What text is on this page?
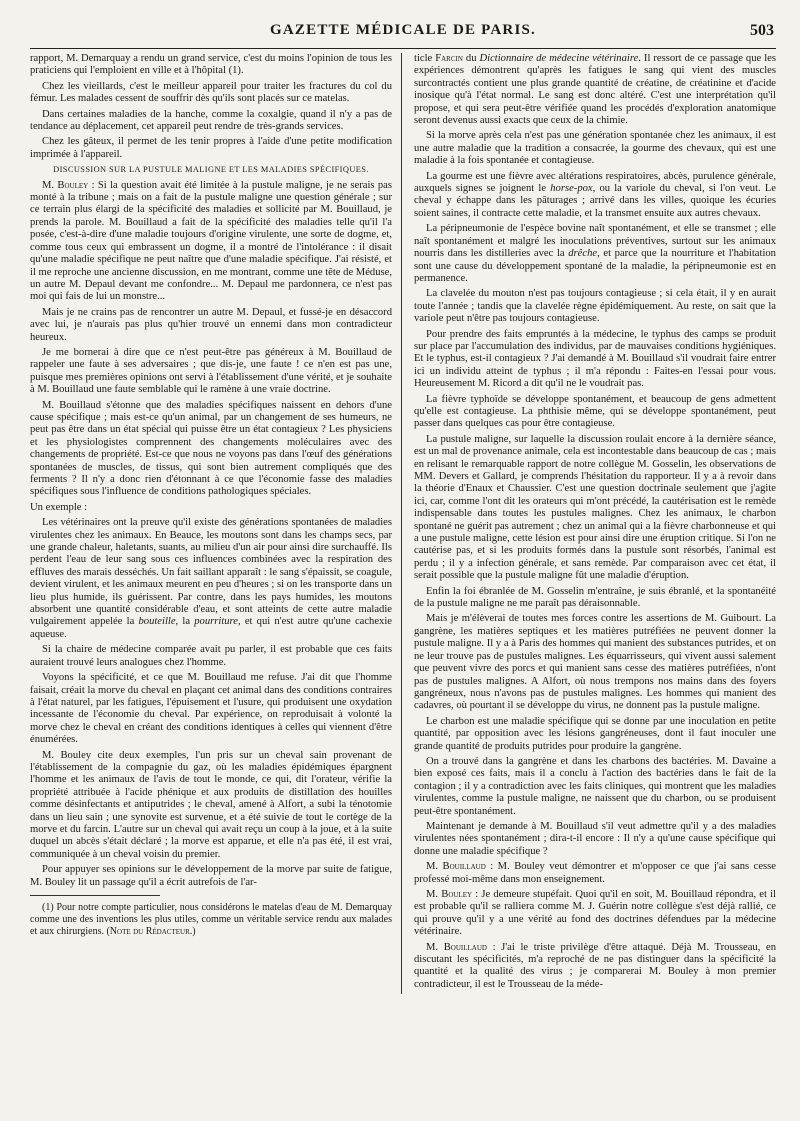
GAZETTE MÉDICALE DE PARIS.	503

rapport, M. Demarquay a rendu un grand service, c'est du moins l'opinion de tous les praticiens qui l'emploient en ville et à l'hôpital (1).

Chez les vieillards, c'est le meilleur appareil pour traiter les fractures du col du fémur. Les malades cessent de souffrir dès qu'ils sont placés sur ce matelas.

Dans certaines maladies de la hanche, comme la coxalgie, quand il n'y a pas de tendance au déplacement, cet appareil peut rendre de très-grands services.

Chez les gâteux, il permet de les tenir propres à l'aide d'une petite modification imprimée à l'appareil.

DISCUSSION SUR LA PUSTULE MALIGNE ET LES MALADIES SPÉCIFIQUES.

M. Bouley : Si la question avait été limitée à la pustule maligne, je ne serais pas monté à la tribune ; mais on a fait de la pustule maligne une question générale ; sur ce terrain plus élargi de la spécificité des maladies et sollicité par M. Bouillaud, je prends la parole. M. Bouillaud a fait de la spécificité des maladies telle qu'il l'a posée, c'est-à-dire d'une maladie toujours d'origine virulente, une sorte de dogme, et, comme tous ceux qui embrassent un dogme, il a montré de l'intolérance : il disait qu'une maladie spécifique ne peut naître que d'une maladie spécifique. J'ai résisté, et il me reproche une ancienne discussion, en me montrant, comme une tête de Méduse, un autre M. Depaul devant me confondre... M. Depaul me pardonnera, ce n'est pas moi qui fais de lui un monstre...

Mais je ne crains pas de rencontrer un autre M. Depaul, et fussé-je en désaccord avec lui, je n'aurais pas plus qu'hier trouvé un ennemi dans mon contradicteur heureux.

Je me bornerai à dire que ce n'est peut-être pas généreux à M. Bouillaud de rappeler une faute à ses adversaires ; que dis-je, une faute ! ce n'en est pas une, puisque mes premières opinions ont servi à l'établissement d'une vérité, et je souhaite à M. Bouillaud une faute semblable qui le ramène à une vraie doctrine.

M. Bouillaud s'étonne que des maladies spécifiques naissent en dehors d'une cause spécifique ; mais est-ce qu'un animal, par un changement de ses humeurs, ne peut pas être dans un état spécial qui puisse être un état contagieux ? Les physiciens et les physiologistes comprennent des changements moléculaires avec des changements de propriété. Est-ce que nous ne voyons pas dans l'œuf des générations spontanées de muscles, de tissus, qui sont bien autrement compliqués que des ferments ? Il n'y a donc rien d'étonnant à ce que l'économie fasse des maladies spécifiques sous l'influence de conditions pathologiques spéciales.

Un exemple :

Les vétérinaires ont la preuve qu'il existe des générations spontanées de maladies virulentes chez les animaux. En Beauce, les moutons sont dans les champs secs, par une grande chaleur, haletants, suants, au milieu d'un air pour ainsi dire surchauffé. Ils perdent l'eau de leur sang sous ces influences combinées avec la respiration des effluves des marais desséchés. Un fait saillant apparaît : le sang s'épaissit, se coagule, devient virulent, et les animaux meurent en peu d'heures ; si on les transporte dans un lieu plus humide, ils guérissent. Par contre, dans les pays humides, les moutons absorbent une quantité considérable d'eau, et sont atteints de cette autre maladie vulgairement appelée la bouteille, la pourriture, et qui n'est autre qu'une cachexie aqueuse.

Si la chaire de médecine comparée avait pu parler, il est probable que ces faits auraient trouvé leurs analogues chez l'homme.

Voyons la spécificité, et ce que M. Bouillaud me refuse. J'ai dit que l'homme faisait, créait la morve du cheval en plaçant cet animal dans des conditions contraires à l'état naturel, par les fatigues, l'épuisement et l'usure, qui produisent une oxydation incessante de l'économie du cheval. Par expérience, on reproduisait à volonté la morve chez le cheval en créant des conditions identiques à celles qui viennent d'être énumérées.

M. Bouley cite deux exemples, l'un pris sur un cheval sain provenant de l'établissement de la compagnie du gaz, où les maladies épidémiques épargnent l'homme et les animaux de l'avis de tout le monde, ce qui, dit l'orateur, vérifie la propriété attribuée à l'acide phénique et aux produits de distillation des houilles comme désinfectants et antiputrides ; le cheval, amené à Alfort, a subi la ténotomie dans un lieu sain ; une synovite est survenue, et a été suivie de tout le cortège de la morve et du farcin. L'autre sur un cheval qui avait reçu un coup à la joue, et à la suite duquel un abcès s'était déclaré ; la morve est apparue, et elle n'a pas été, il est vrai, communiquée à un cheval voisin du premier.

Pour appuyer ses opinions sur le développement de la morve par suite de fatigue, M. Bouley lit un passage qu'il a écrit autrefois de l'ar-

(1) Pour notre compte particulier, nous considérons le matelas d'eau de M. Demarquay comme une des inventions les plus utiles, comme un véritable service rendu aux malades et aux chirurgiens. (Note du Rédacteur.)

ticle Farcin du Dictionnaire de médecine vétérinaire. Il ressort de ce passage que les expériences démontrent qu'après les fatigues le sang qui vient des muscles surcontractés contient une plus grande quantité de créatine, de créatinine et d'acide inosique qu'à l'état normal. Le sang est donc altéré. C'est une interprétation qu'il propose, et qui sera peut-être vérifiée quand les procédés d'exploration anatomique seront devenus aussi exacts que ceux de la chimie.

Si la morve après cela n'est pas une génération spontanée chez les animaux, il est une autre maladie que la tradition a consacrée, la gourme des chevaux, qui est une maladie à la fois spontanée et contagieuse.

La gourme est une fièvre avec altérations respiratoires, abcès, purulence générale, auxquels signes se joignent le horse-pox, ou la variole du cheval, si l'on veut. Le cheval y échappe dans les pâturages ; arrivé dans les villes, quoique les écuries soient saines, il contracte cette maladie, et la transmet ensuite aux autres chevaux.

La péripneumonie de l'espèce bovine naît spontanément, et elle se transmet ; elle naît spontanément et malgré les inoculations préventives, surtout sur les animaux nourris dans les distilleries avec la drêche, et parce que la nourriture et l'habitation sont une cause du développement spontané de la maladie, la péripneumonie est en permanence.

La clavelée du mouton n'est pas toujours contagieuse ; si cela était, il y en aurait toute l'année ; tandis que la clavelée règne épidémiquement. Au reste, on sait que la variole peut n'être pas toujours contagieuse.

Pour prendre des faits empruntés à la médecine, le typhus des camps se produit sur place par l'accumulation des individus, par de mauvaises conditions hygiéniques. Et le typhus, est-il contagieux ? J'ai demandé à M. Bouillaud s'il voudrait faire entrer ici un individu atteint de typhus ; il m'a répondu : Faites-en l'essai pour vous. Heureusement M. Ricord a dit qu'il ne le voudrait pas.

La fièvre typhoïde se développe spontanément, et beaucoup de gens admettent qu'elle est contagieuse. La phthisie même, qui se développe spontanément, peut passer dans quelques cas pour être contagieuse.

La pustule maligne, sur laquelle la discussion roulait encore à la dernière séance, est un mal de provenance animale, cela est incontestable dans beaucoup de cas ; mais en relisant le remarquable rapport de notre collègue M. Gosselin, les observations de MM. Devers et Gallard, je comprends l'hésitation du rapporteur. Il y a à revoir dans la théorie d'Enaux et Chaussier. C'est une question doctrinale seulement que j'agite ici, car, comme l'ont dit les orateurs qui m'ont précédé, la cautérisation est le remède indispensable dans toutes les pustules malignes. Chez les animaux, le charbon spontané ne guérit pas autrement ; chez un animal qui a la fièvre charbonneuse et qui a une pustule maligne, cette lésion est pour ainsi dire une éruption critique. Si l'on ne cautérise pas, et si les produits formés dans la pustule sont résorbés, l'animal est perdu ; il y a infection générale, et sans remède. Par comparaison avec cet état, il serait possible que la pustule maligne fût une maladie d'éruption.

Enfin la foi ébranlée de M. Gosselin m'entraîne, je suis ébranlé, et la spontanéité de la pustule maligne ne me paraît pas déraisonnable.

Mais je m'élèverai de toutes mes forces contre les assertions de M. Guibourt. La gangrène, les matières septiques et les matières putréfiées ne peuvent donner la pustule maligne. Il y a à Paris des hommes qui manient des substances putrides, et on ne leur trouve pas de pustules malignes. Les équarrisseurs, qui vivent aussi salement que peuvent vivre des porcs et qui manient sans cesse des matières putréfiées, n'ont pas de pustules malignes. A Alfort, où nous trempons nos mains dans des foyers gangréneux, nous n'avons pas de pustules malignes. Les hommes qui manient des cadavres, où pourtant il se développe du virus, ne donnent pas la pustule maligne.

Le charbon est une maladie spécifique qui se donne par une inoculation en petite quantité, par opposition avec les lésions gangréneuses, dont il faut inoculer une grande quantité de produits putrides pour produire la gangrène.

On a trouvé dans la gangrène et dans les charbons des bactéries. M. Davaine a bien exposé ces faits, mais il a conclu à l'action des bactéries dans le fait de la contagion ; il y a contradiction avec les faits cliniques, qui montrent que les maladies virulentes, comme la pustule maligne, ne naissent que du charbon, ou se produisent peut-être spontanément.

Maintenant je demande à M. Bouillaud s'il veut admettre qu'il y a des maladies virulentes nées spontanément ; dira-t-il encore : Il n'y a qu'une cause spécifique qui donne une maladie spécifique ?

M. Bouillaud : M. Bouley veut démontrer et m'opposer ce que j'ai sans cesse professé moi-même dans mon enseignement.

M. Bouley : Je demeure stupéfait. Quoi qu'il en soit, M. Bouillaud répondra, et il est probable qu'il se ralliera comme M. J. Guérin notre collègue s'est déjà rallié, ce qui prouve qu'il y a une vérité au fond des doctrines défendues par la médecine vétérinaire.

M. Bouillaud : J'ai le triste privilège d'être attaqué. Déjà M. Trousseau, en discutant les spécificités, m'a reproché de ne pas distinguer dans la spécificité la quantité et la qualité des virus ; je comparerai M. Bouley à mon premier contradicteur, il est le Trousseau de la méde-
